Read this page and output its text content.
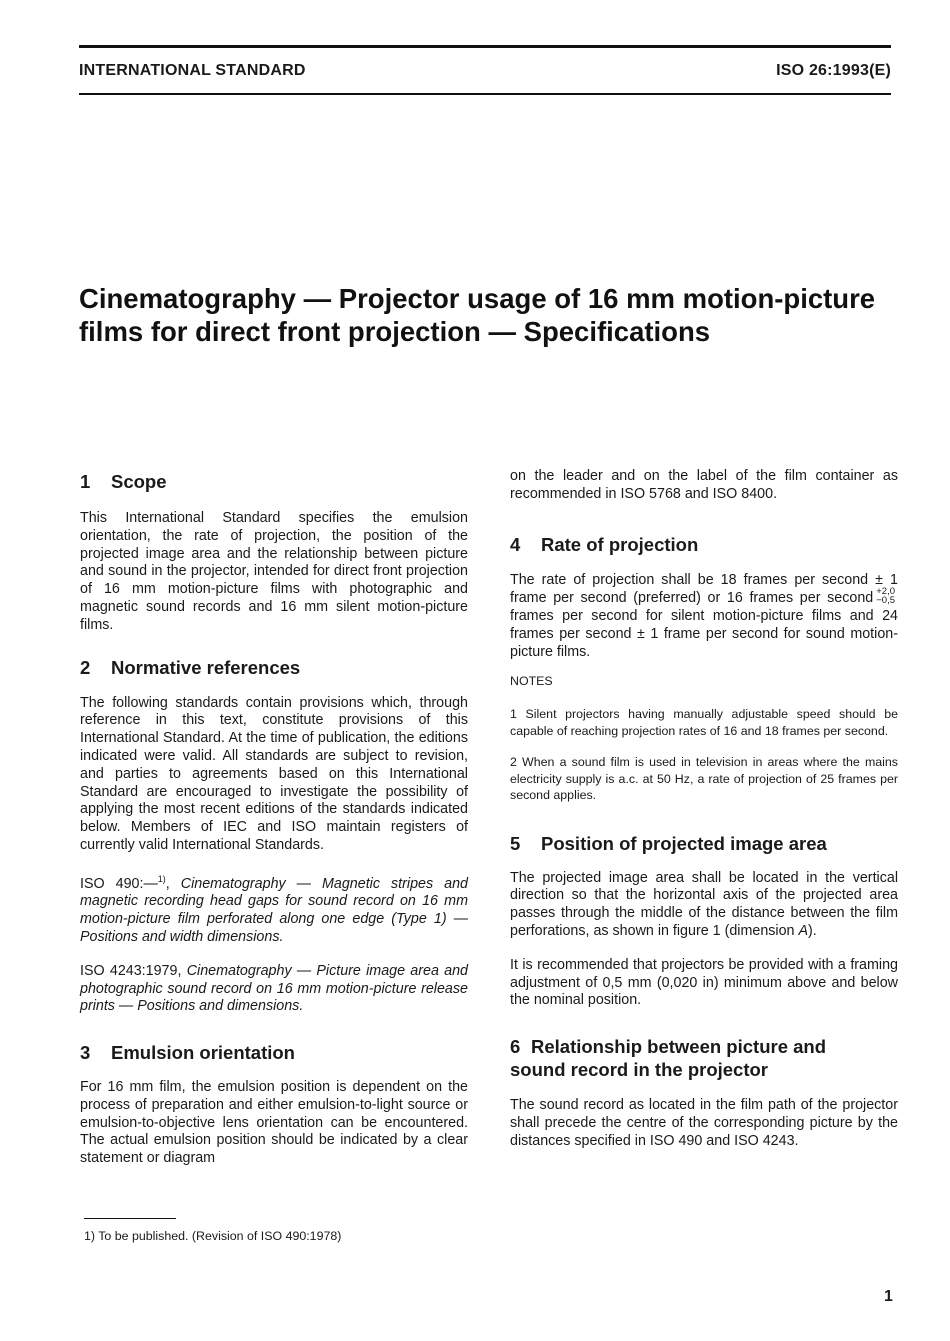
INTERNATIONAL STANDARD	ISO 26:1993(E)
Cinematography — Projector usage of 16 mm motion-picture films for direct front projection — Specifications
1 Scope

This International Standard specifies the emulsion orientation, the rate of projection, the position of the projected image area and the relationship between picture and sound in the projector, intended for direct front projection of 16 mm motion-picture films with photographic and magnetic sound records and 16 mm silent motion-picture films.

2 Normative references

The following standards contain provisions which, through reference in this text, constitute provisions of this International Standard. At the time of publication, the editions indicated were valid. All standards are subject to revision, and parties to agreements based on this International Standard are encouraged to investigate the possibility of applying the most recent editions of the standards indicated below. Members of IEC and ISO maintain registers of currently valid International Standards.

ISO 490:—$^{1)}$, Cinematography — Magnetic stripes and magnetic recording head gaps for sound record on 16 mm motion-picture film perforated along one edge (Type 1) — Positions and width dimensions.

ISO 4243:1979, Cinematography — Picture image area and photographic sound record on 16 mm motion-picture release prints — Positions and dimensions.

3 Emulsion orientation

For 16 mm film, the emulsion position is dependent on the process of preparation and either emulsion-to-light source or emulsion-to-objective lens orientation can be encountered. The actual emulsion position should be indicated by a clear statement or diagram

on the leader and on the label of the film container as recommended in ISO 5768 and ISO 8400.

4 Rate of projection

The rate of projection shall be 18 frames per second ± 1 frame per second (preferred) or 16 frames per second +2,0
−0,5
frames per second for silent motion-picture films and 24 frames per second ± 1 frame per second for sound motion-picture films.

NOTES

1 Silent projectors having manually adjustable speed should be capable of reaching projection rates of 16 and 18 frames per second.

2 When a sound film is used in television in areas where the mains electricity supply is a.c. at 50 Hz, a rate of projection of 25 frames per second applies.

5 Position of projected image area

The projected image area shall be located in the vertical direction so that the horizontal axis of the projected area passes through the middle of the distance between the film perforations, as shown in figure 1 (dimension A).

It is recommended that projectors be provided with a framing adjustment of 0,5 mm (0,020 in) minimum above and below the nominal position.

6 Relationship between picture and
sound record in the projector

The sound record as located in the film path of the projector shall precede the centre of the corresponding picture by the distances specified in ISO 490 and ISO 4243.

1) To be published. (Revision of ISO 490:1978)
1
